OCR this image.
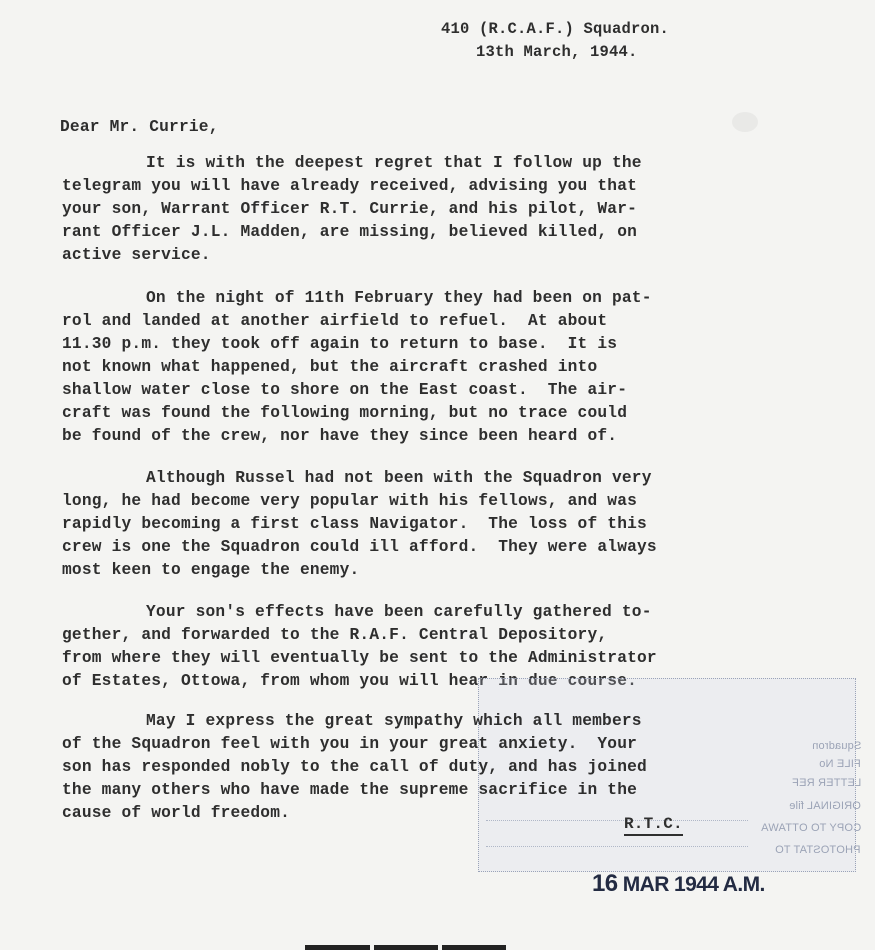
410 (R.C.A.F.) Squadron.
13th March, 1944.
Dear Mr. Currie,
It is with the deepest regret that I follow up the
telegram you will have already received, advising you that
your son, Warrant Officer R.T. Currie, and his pilot, War-
rant Officer J.L. Madden, are missing, believed killed, on
active service.
On the night of 11th February they had been on pat-
rol and landed at another airfield to refuel.  At about
11.30 p.m. they took off again to return to base.  It is
not known what happened, but the aircraft crashed into
shallow water close to shore on the East coast.  The air-
craft was found the following morning, but no trace could
be found of the crew, nor have they since been heard of.
Although Russel had not been with the Squadron very
long, he had become very popular with his fellows, and was
rapidly becoming a first class Navigator.  The loss of this
crew is one the Squadron could ill afford.  They were always
most keen to engage the enemy.
Your son's effects have been carefully gathered to-
gether, and forwarded to the R.A.F. Central Depository,
from where they will eventually be sent to the Administrator
of Estates, Ottowa, from whom you will hear in due course.
Squadron
FILE No
LETTER REF
ORIGINAL file
COPY TO OTTAWA
PHOTOSTAT TO
May I express the great sympathy which all members
of the Squadron feel with you in your great anxiety.  Your
son has responded nobly to the call of duty, and has joined
the many others who have made the supreme sacrifice in the
cause of world freedom.
R.T.C.
16 MAR 1944 A.M.
